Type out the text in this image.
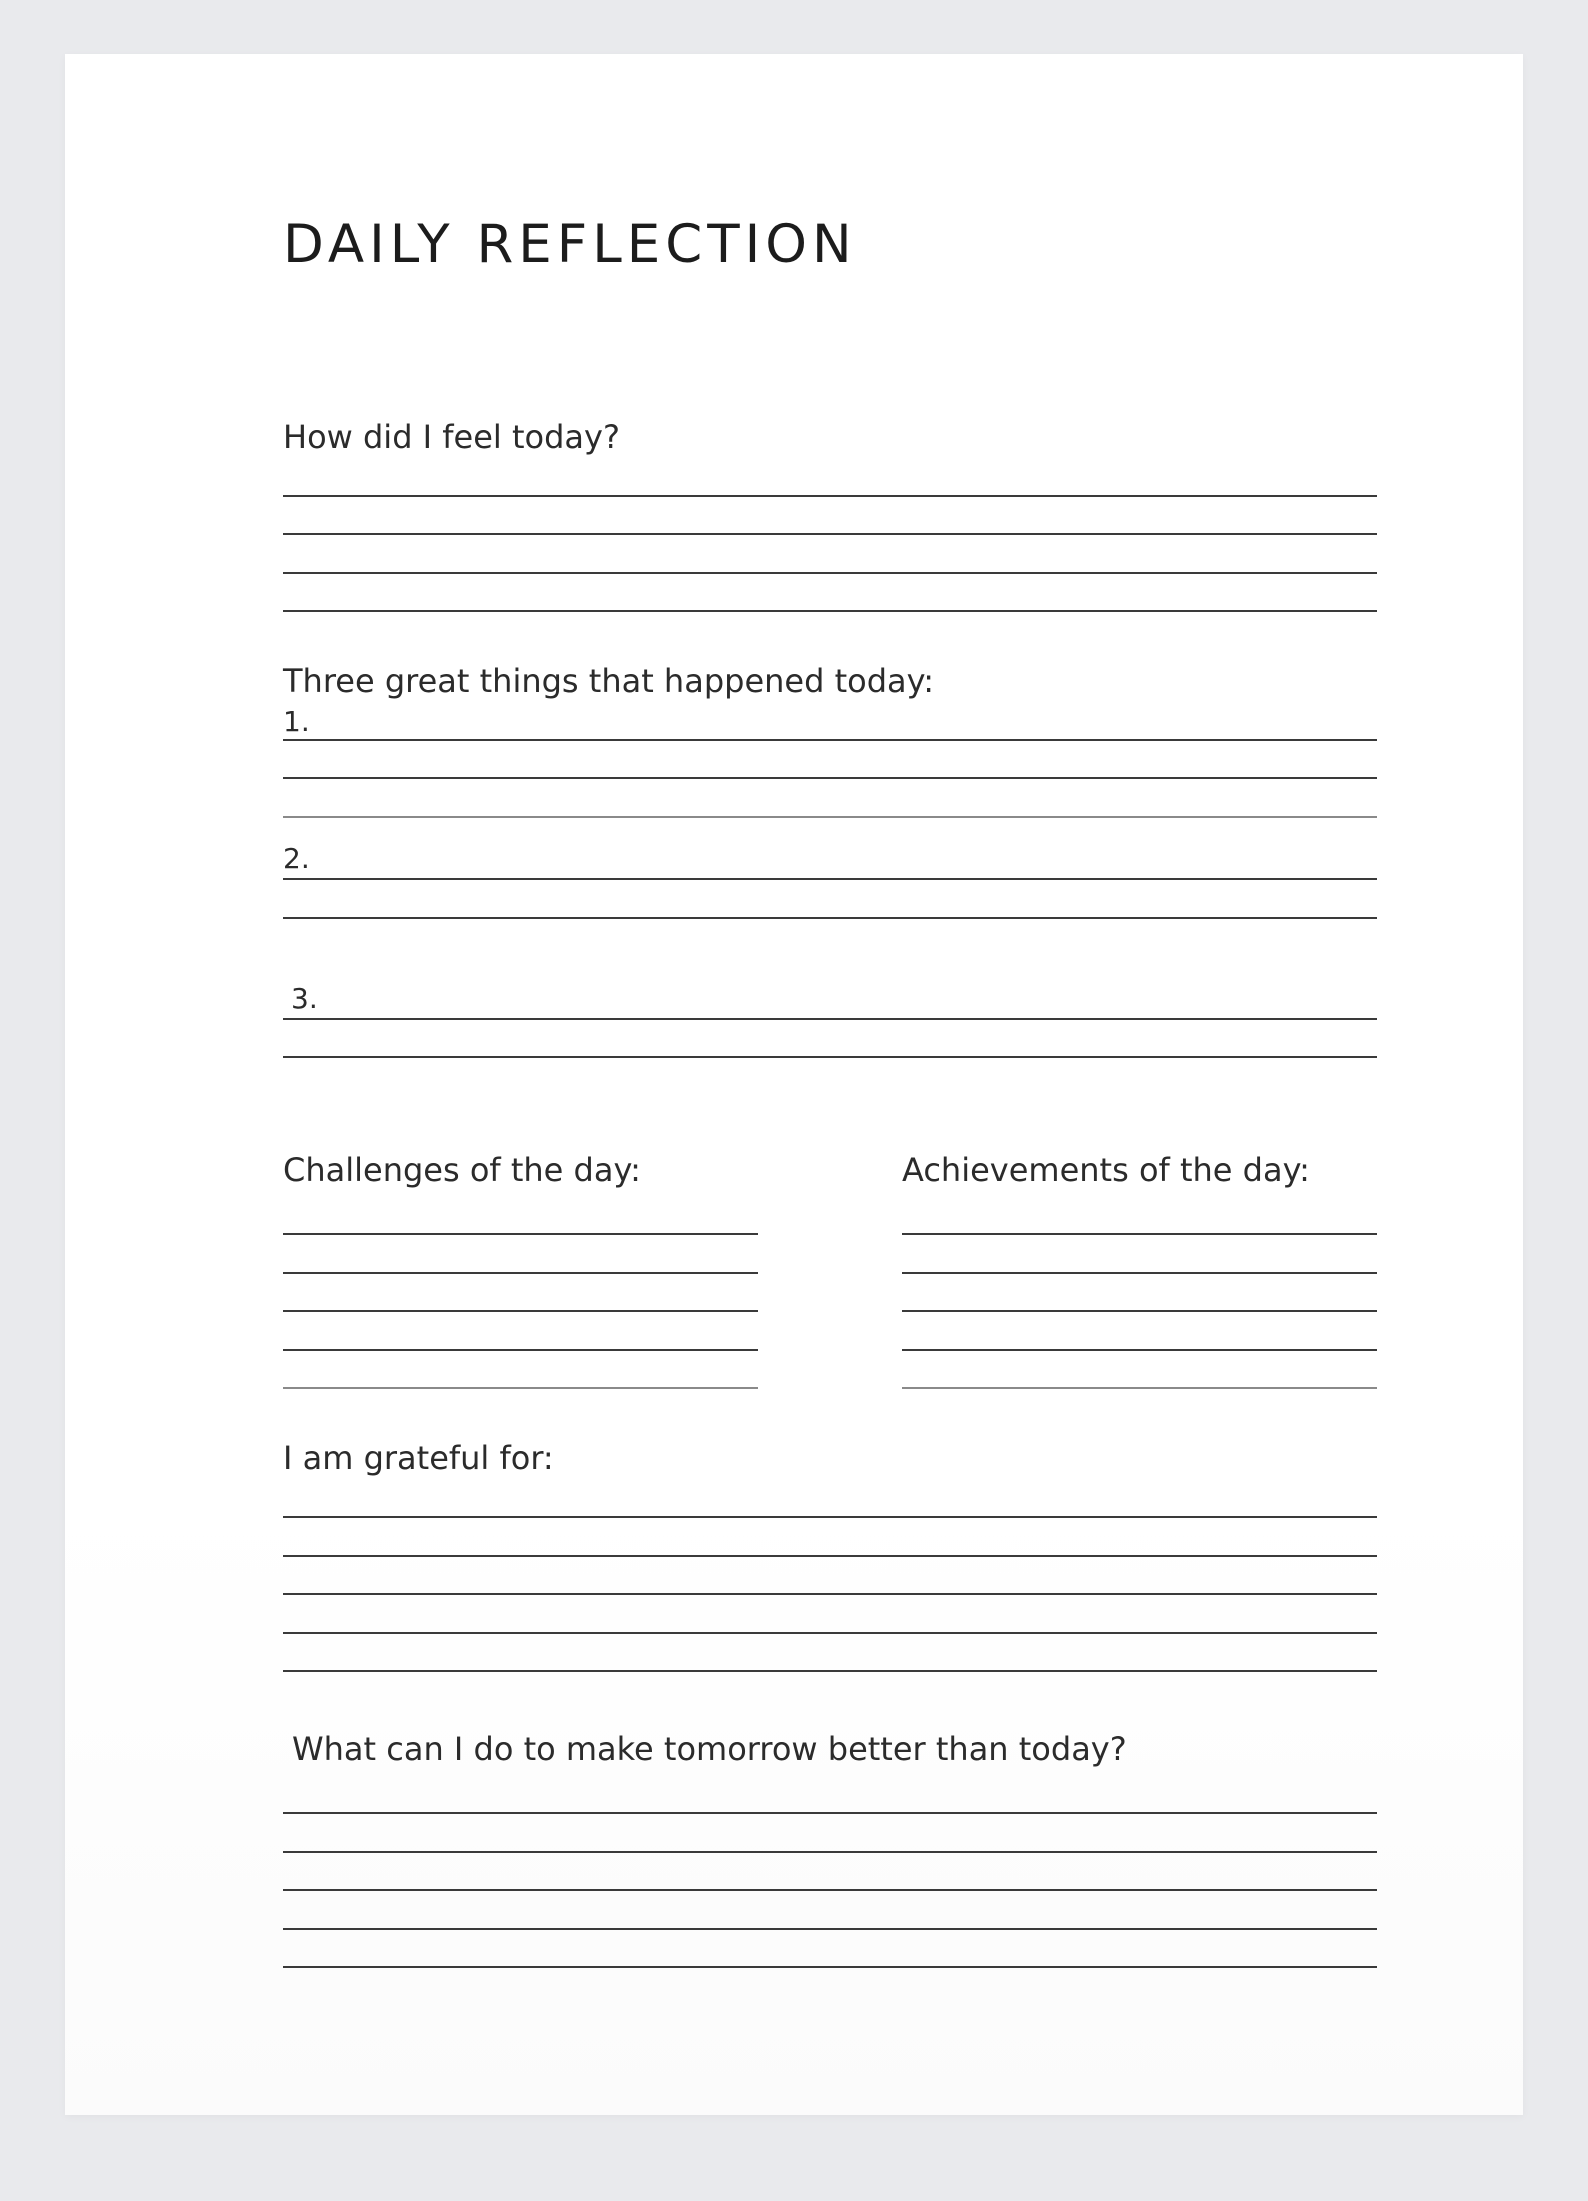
DAILY REFLECTION
How did I feel today?
Three great things that happened today:
1.
2.
3.
Challenges of the day:	Achievements of the day:
I am grateful for:
What can I do to make tomorrow better than today?
